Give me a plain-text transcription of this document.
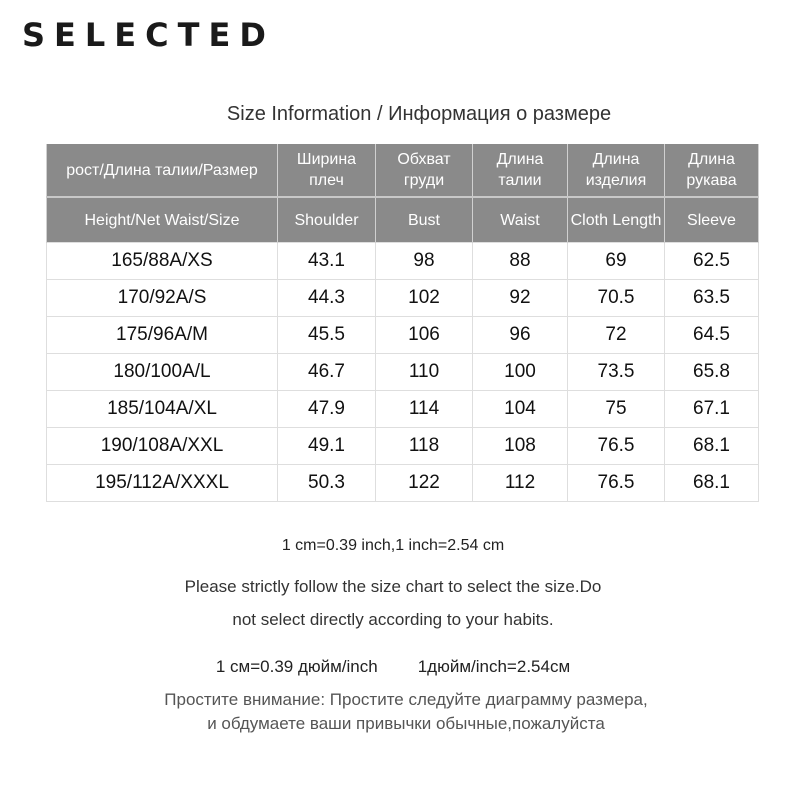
SELECTED
Size Information / Информация о размере
рост/Длина талии/Размер	Ширина плеч	Обхват груди	Длина талии	Длина изделия	Длина рукава
Height/Net Waist/Size	Shoulder	Bust	Waist	Cloth Length	Sleeve
165/88A/XS	43.1	98	88	69	62.5
170/92A/S	44.3	102	92	70.5	63.5
175/96A/M	45.5	106	96	72	64.5
180/100A/L	46.7	110	100	73.5	65.8
185/104A/XL	47.9	114	104	75	67.1
190/108A/XXL	49.1	118	108	76.5	68.1
195/112A/XXXL	50.3	122	112	76.5	68.1
1 cm=0.39 inch,1 inch=2.54 cm
Please strictly follow the size chart to select the size.Do
not select directly according to your habits.
1 см=0.39 дюйм/inch 1дюйм/inch=2.54см
Простите внимание: Простите следуйте диаграмму размера,
и обдумаете ваши привычки обычные,пожалуйста
